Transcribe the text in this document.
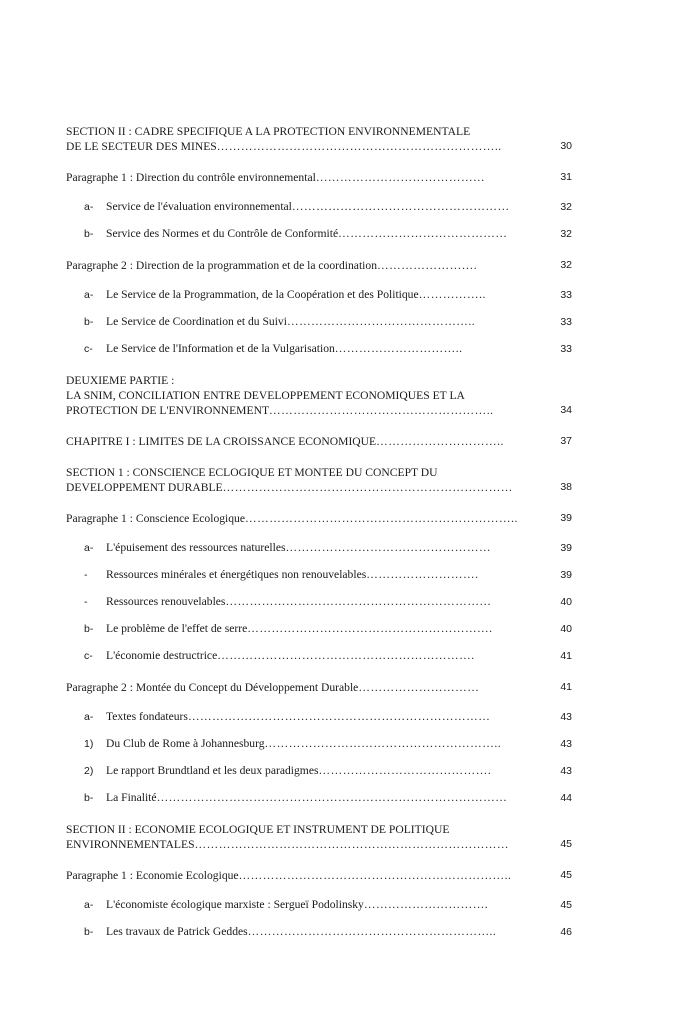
SECTION II : CADRE SPECIFIQUE A LA PROTECTION ENVIRONNEMENTALE
DE LE SECTEUR DES MINES……………………………………………………………..	30
Paragraphe 1 : Direction du contrôle environnemental……………………………………	31
a- Service de l'évaluation environnemental………………………………………………	32
b- Service des Normes et du Contrôle de Conformité……………………………………	32
Paragraphe 2 : Direction de la programmation et de la coordination…………………….	32
a- Le Service de la Programmation, de la Coopération et des Politique……………..	33
b- Le Service de Coordination et du Suivi………………………………………..	33
c- Le Service de l'Information et de la Vulgarisation…………………………..	33
DEUXIEME PARTIE :
LA SNIM, CONCILIATION ENTRE DEVELOPPEMENT ECONOMIQUES ET LA
PROTECTION DE L'ENVIRONNEMENT………………………………………………..	34
CHAPITRE I : LIMITES DE LA CROISSANCE ECONOMIQUE…………………………..	37
SECTION 1 : CONSCIENCE ECLOGIQUE ET MONTEE DU CONCEPT DU
DEVELOPPEMENT DURABLE………………………………………………………………	38
Paragraphe 1 : Conscience Ecologique…………………………………………………………..	39
a- L'épuisement des ressources naturelles……………………………………………	39
- Ressources minérales et énergétiques non renouvelables……………………….	39
- Ressources renouvelables…………………………………………………………	40
b- Le problème de l'effet de serre…………………………………………………….	40
c- L'économie destructrice……………………………………………………….	41
Paragraphe 2 : Montée du Concept du Développement Durable…………………………	41
a- Textes fondateurs…………………………………………………………………	43
1) Du Club de Rome à Johannesburg…………………………………………………..	43
2) Le rapport Brundtland et les deux paradigmes…………………………………….	43
b- La Finalité……………………………………………………………………………	44
SECTION II : ECONOMIE ECOLOGIQUE ET INSTRUMENT DE POLITIQUE
ENVIRONNEMENTALES……………………………………………………………………	45
Paragraphe 1 : Economie Ecologique…………………………………………………………..	45
a- L'économiste écologique marxiste : Sergueï Podolinsky………………………….	45
b- Les travaux de Patrick Geddes……………………………………………………..	46
